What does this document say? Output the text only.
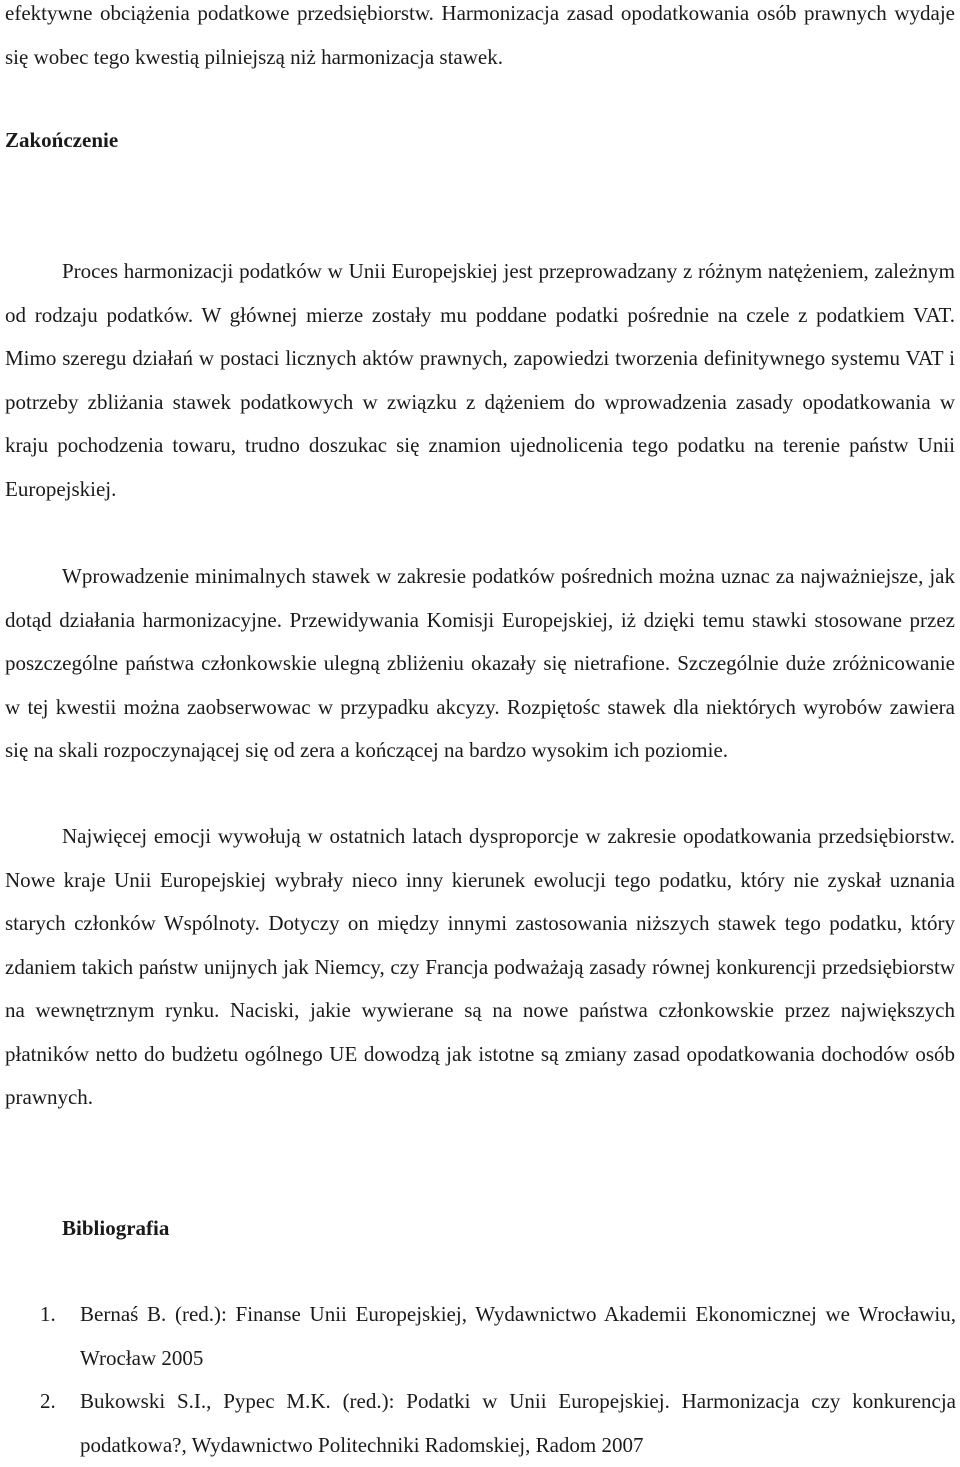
efektywne obciążenia podatkowe przedsiębiorstw. Harmonizacja zasad opodatkowania osób prawnych wydaje się wobec tego kwestią pilniejszą niż harmonizacja stawek.

Zakończenie

Proces harmonizacji podatków w Unii Europejskiej jest przeprowadzany z różnym natężeniem, zależnym od rodzaju podatków. W głównej mierze zostały mu poddane podatki pośrednie na czele z podatkiem VAT. Mimo szeregu działań w postaci licznych aktów prawnych, zapowiedzi tworzenia definitywnego systemu VAT i potrzeby zbliżania stawek podatkowych w związku z dążeniem do wprowadzenia zasady opodatkowania w kraju pochodzenia towaru, trudno doszukac się znamion ujednolicenia tego podatku na terenie państw Unii Europejskiej.

Wprowadzenie minimalnych stawek w zakresie podatków pośrednich można uznac za najważniejsze, jak dotąd działania harmonizacyjne. Przewidywania Komisji Europejskiej, iż dzięki temu stawki stosowane przez poszczególne państwa członkowskie ulegną zbliżeniu okazały się nietrafione. Szczególnie duże zróżnicowanie w tej kwestii można zaobserwowac w przypadku akcyzy. Rozpiętośc stawek dla niektórych wyrobów zawiera się na skali rozpoczynającej się od zera a kończącej na bardzo wysokim ich poziomie.

Najwięcej emocji wywołują w ostatnich latach dysproporcje w zakresie opodatkowania przedsiębiorstw. Nowe kraje Unii Europejskiej wybrały nieco inny kierunek ewolucji tego podatku, który nie zyskał uznania starych członków Wspólnoty. Dotyczy on między innymi zastosowania niższych stawek tego podatku, który zdaniem takich państw unijnych jak Niemcy, czy Francja podważają zasady równej konkurencji przedsiębiorstw na wewnętrznym rynku. Naciski, jakie wywierane są na nowe państwa członkowskie przez największych płatników netto do budżetu ogólnego UE dowodzą jak istotne są zmiany zasad opodatkowania dochodów osób prawnych.

Bibliografia
1. Bernaś B. (red.): Finanse Unii Europejskiej, Wydawnictwo Akademii Ekonomicznej we Wrocławiu, Wrocław 2005
2. Bukowski S.I., Pypec M.K. (red.): Podatki w Unii Europejskiej. Harmonizacja czy konkurencja podatkowa?, Wydawnictwo Politechniki Radomskiej, Radom 2007
